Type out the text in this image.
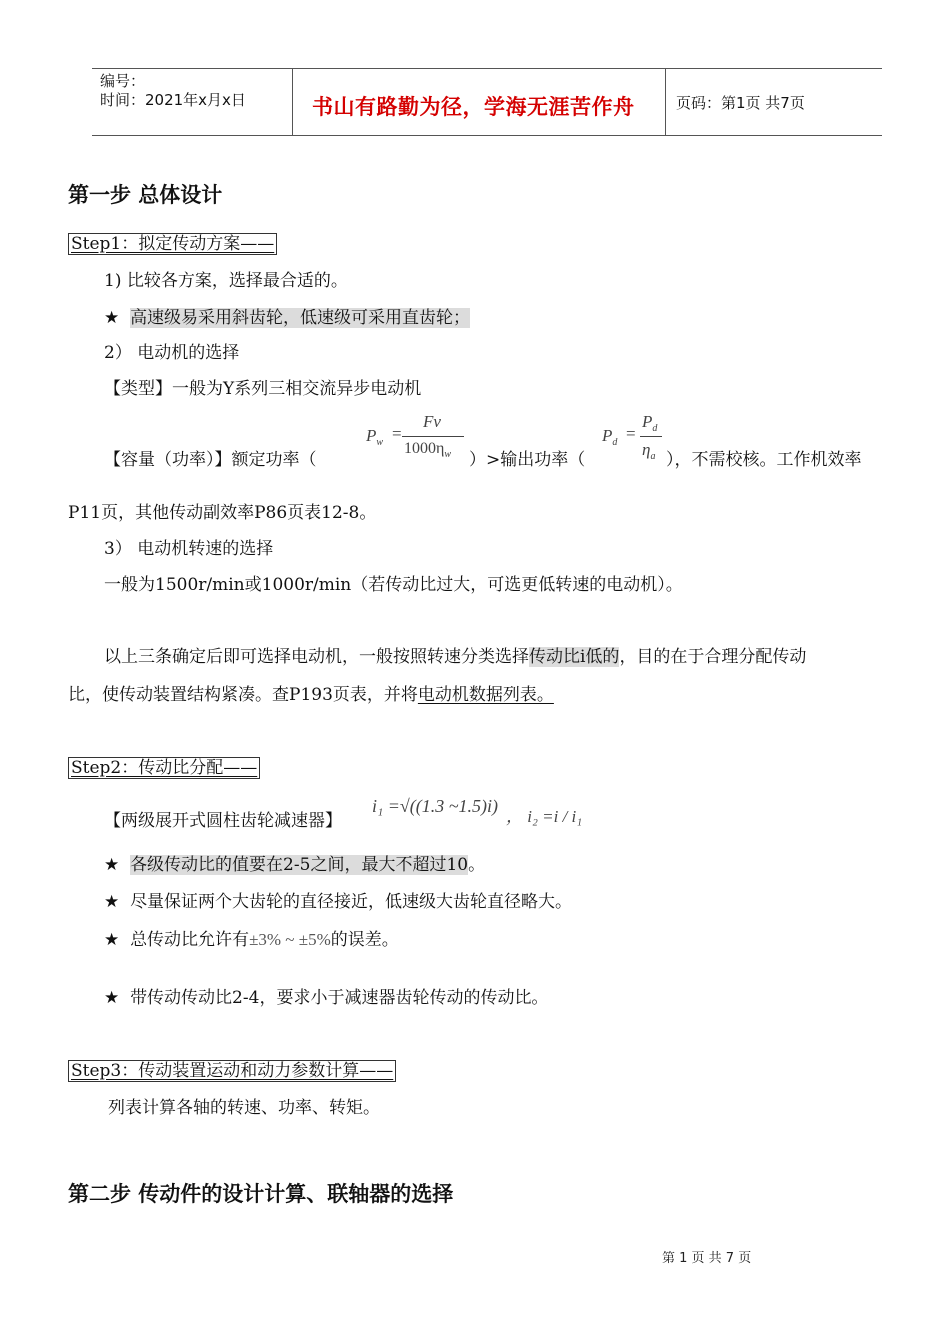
编号：
时间：2021年x月x日	书山有路勤为径，学海无涯苦作舟	页码：第1页 共7页
第一步 总体设计
Step1：拟定传动方案——
1) 比较各方案，选择最合适的。
★ 高速级易采用斜齿轮，低速级可采用直齿轮；
2） 电动机的选择
【类型】一般为Y系列三相交流异步电动机
【容量（功率）】额定功率（
$P_w$ =
Fv
$1000\eta_w$ ）>输出功率（
$P_d$ =
$P_d$
$\eta_a$ ），不需校核。工作机效率
P11页，其他传动副效率P86页表12-8。
3） 电动机转速的选择
一般为1500r/min或1000r/min（若传动比过大，可选更低转速的电动机）。
以上三条确定后即可选择电动机，一般按照转速分类选择传动比i低的，目的在于合理分配传动
比，使传动装置结构紧凑。查P193页表，并将电动机数据列表。
Step2：传动比分配——
【两级展开式圆柱齿轮减速器】
i₁ =√((1.3 ~1.5)i)
， i₂ =i / i₁
★ 各级传动比的值要在2-5之间，最大不超过10。
★ 尽量保证两个大齿轮的直径接近，低速级大齿轮直径略大。
★ 总传动比允许有±3% ~ ±5%的误差。
★ 带传动传动比2-4，要求小于减速器齿轮传动的传动比。
Step3：传动装置运动和动力参数计算——
列表计算各轴的转速、功率、转矩。
第二步 传动件的设计计算、联轴器的选择
第 1 页 共 7 页
